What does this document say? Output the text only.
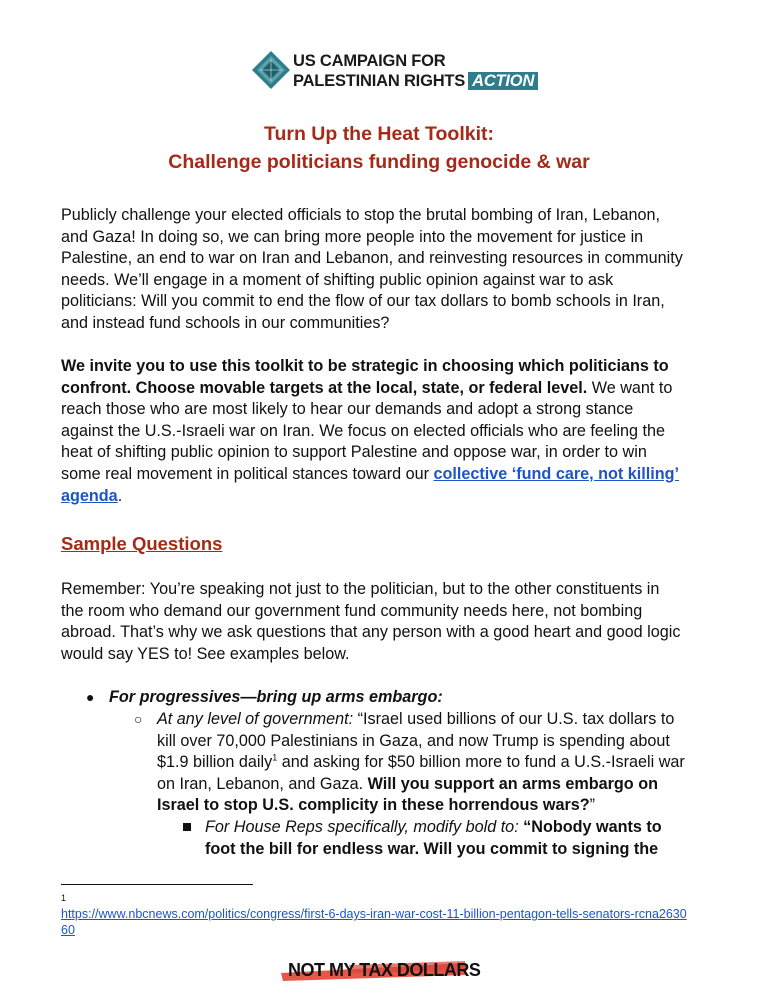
US CAMPAIGN FOR
PALESTINIAN RIGHTS ACTION
Turn Up the Heat Toolkit:
Challenge politicians funding genocide & war
Publicly challenge your elected officials to stop the brutal bombing of Iran, Lebanon, and Gaza! In doing so, we can bring more people into the movement for justice in Palestine, an end to war on Iran and Lebanon, and reinvesting resources in community needs. We’ll engage in a moment of shifting public opinion against war to ask politicians: Will you commit to end the flow of our tax dollars to bomb schools in Iran, and instead fund schools in our communities?
We invite you to use this toolkit to be strategic in choosing which politicians to confront. Choose movable targets at the local, state, or federal level. We want to reach those who are most likely to hear our demands and adopt a strong stance against the U.S.-Israeli war on Iran. We focus on elected officials who are feeling the heat of shifting public opinion to support Palestine and oppose war, in order to win some real movement in political stances toward our collective ‘fund care, not killing’ agenda.
Sample Questions
Remember: You’re speaking not just to the politician, but to the other constituents in the room who demand our government fund community needs here, not bombing abroad. That’s why we ask questions that any person with a good heart and good logic would say YES to! See examples below.
● For progressives—bring up arms embargo:
○ At any level of government: “Israel used billions of our U.S. tax dollars to kill over 70,000 Palestinians in Gaza, and now Trump is spending about $1.9 billion daily$^1$ and asking for $50 billion more to fund a U.S.-Israeli war on Iran, Lebanon, and Gaza. Will you support an arms embargo on Israel to stop U.S. complicity in these horrendous wars?”
For House Reps specifically, modify bold to: “Nobody wants to foot the bill for endless war. Will you commit to signing the
1
https://www.nbcnews.com/politics/congress/first-6-days-iran-war-cost-11-billion-pentagon-tells-senators-rcna263060
NOT MY TAX DOLLARS
